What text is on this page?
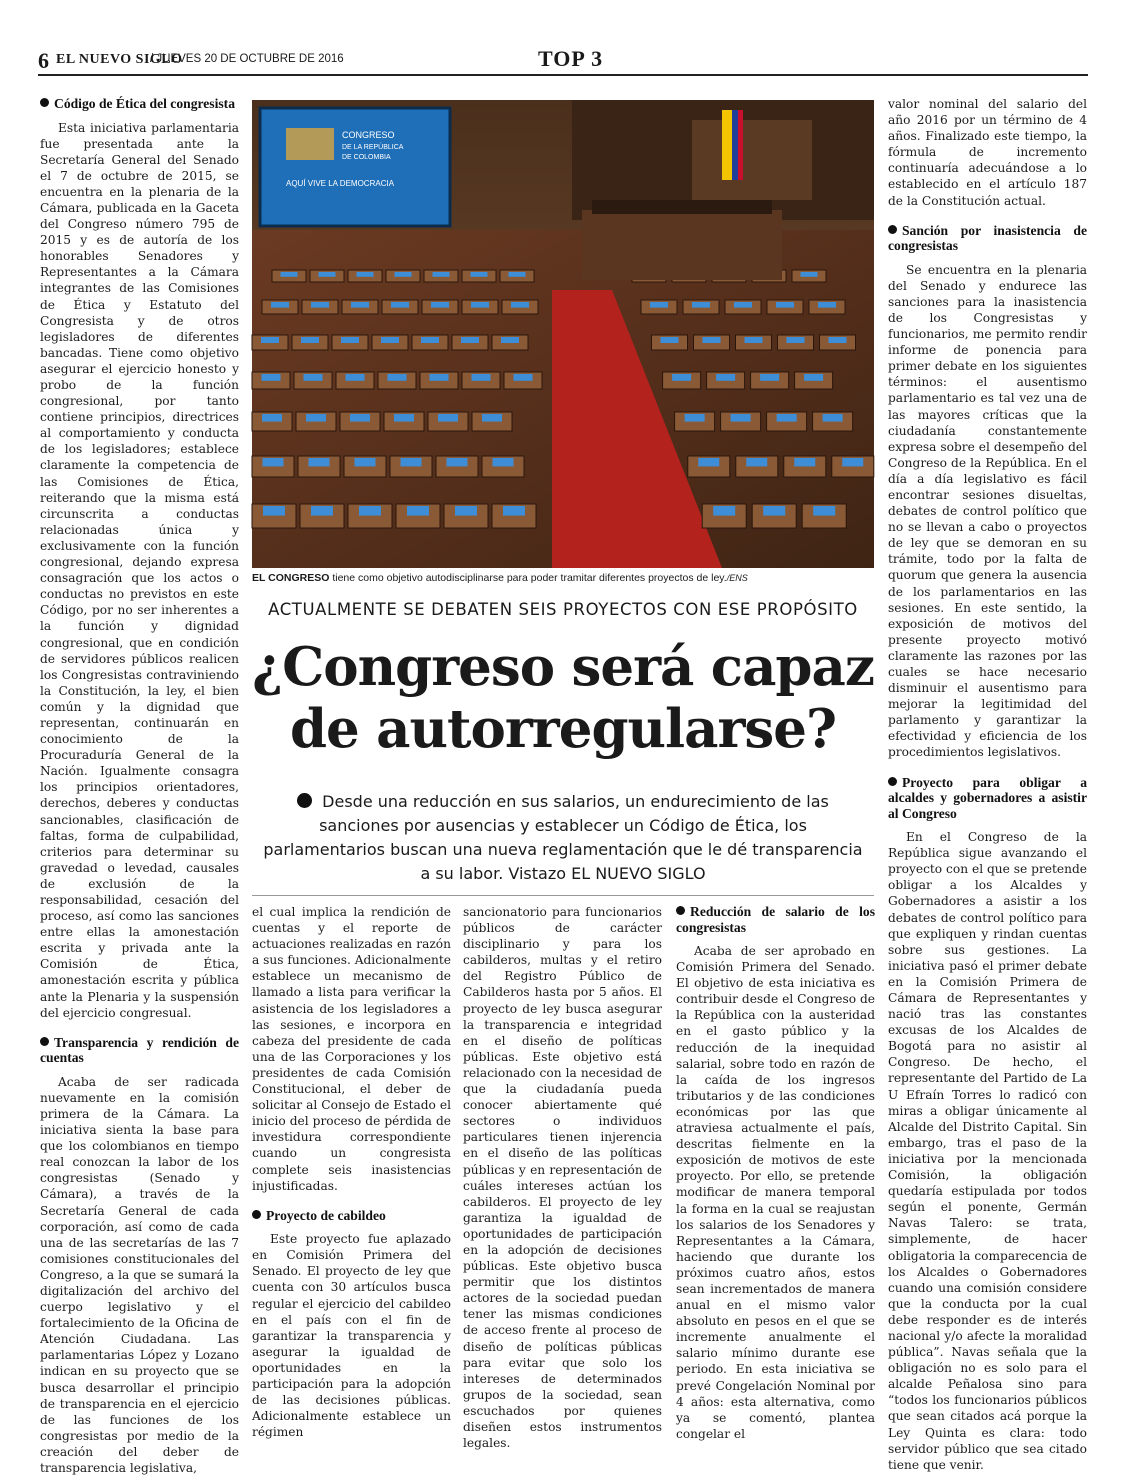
6 EL NUEVO SIGLO
/ JUEVES 20 DE OCTUBRE DE 2016	TOP 3
Código de Ética del congresista

Esta iniciativa parlamentaria fue presentada ante la Secretaría General del Senado el 7 de octubre de 2015, se encuentra en la plenaria de la Cámara, publicada en la Gaceta del Congreso número 795 de 2015 y es de autoría de los honorables Senadores y Representantes a la Cámara integrantes de las Comisiones de Ética y Estatuto del Congresista y de otros legisladores de diferentes bancadas. Tiene como objetivo asegurar el ejercicio honesto y probo de la función congresional, por tanto contiene principios, directrices al comportamiento y conducta de los legisladores; establece claramente la competencia de las Comisiones de Ética, reiterando que la misma está circunscrita a conductas relacionadas única y exclusivamente con la función congresional, dejando expresa consagración que los actos o conductas no previstos en este Código, por no ser inherentes a la función y dignidad congresional, que en condición de servidores públicos realicen los Congresistas contraviniendo la Constitución, la ley, el bien común y la dignidad que representan, continuarán en conocimiento de la Procuraduría General de la Nación. Igualmente consagra los principios orientadores, derechos, deberes y conductas sancionables, clasificación de faltas, forma de culpabilidad, criterios para determinar su gravedad o levedad, causales de exclusión de la responsabilidad, cesación del proceso, así como las sanciones entre ellas la amonestación escrita y privada ante la Comisión de Ética, amonestación escrita y pública ante la Plenaria y la suspensión del ejercicio congresual.

Transparencia y rendición de cuentas

Acaba de ser radicada nuevamente en la comisión primera de la Cámara. La iniciativa sienta la base para que los colombianos en tiempo real conozcan la labor de los congresistas (Senado y Cámara), a través de la Secretaría General de cada corporación, así como de cada una de las secretarías de las 7 comisiones constitucionales del Congreso, a la que se sumará la digitalización del archivo del cuerpo legislativo y el fortalecimiento de la Oficina de Atención Ciudadana. Las parlamentarias López y Lozano indican en su proyecto que se busca desarrollar el principio de transparencia en el ejercicio de las funciones de los congresistas por medio de la creación del deber de transparencia legislativa,

CONGRESO
DE LA REPÚBLICA
DE COLOMBIA
AQUÍ VIVE LA DEMOCRACIA
EL CONGRESO tiene como objetivo autodisciplinarse para poder tramitar diferentes proyectos de ley./ENS
ACTUALMENTE SE DEBATEN SEIS PROYECTOS CON ESE PROPÓSITO
¿Congreso será capaz
de autorregularse?
Desde una reducción en sus salarios, un endurecimiento de las sanciones por ausencias y establecer un Código de Ética, los parlamentarios buscan una nueva reglamentación que le dé transparencia a su labor. Vistazo EL NUEVO SIGLO

el cual implica la rendición de cuentas y el reporte de actuaciones realizadas en razón a sus funciones. Adicionalmente establece un mecanismo de llamado a lista para verificar la asistencia de los legisladores a las sesiones, e incorpora en cabeza del presidente de cada una de las Corporaciones y los presidentes de cada Comisión Constitucional, el deber de solicitar al Consejo de Estado el inicio del proceso de pérdida de investidura correspondiente cuando un congresista complete seis inasistencias injustificadas.

Proyecto de cabildeo

Este proyecto fue aplazado en Comisión Primera del Senado. El proyecto de ley que cuenta con 30 artículos busca regular el ejercicio del cabildeo en el país con el fin de garantizar la transparencia y asegurar la igualdad de oportunidades en la participación para la adopción de las decisiones públicas. Adicionalmente establece un régimen

sancionatorio para funcionarios públicos de carácter disciplinario y para los cabilderos, multas y el retiro del Registro Público de Cabilderos hasta por 5 años. El proyecto de ley busca asegurar la transparencia e integridad en el diseño de políticas públicas. Este objetivo está relacionado con la necesidad de que la ciudadanía pueda conocer abiertamente qué sectores o individuos particulares tienen injerencia en el diseño de las políticas públicas y en representación de cuáles intereses actúan los cabilderos. El proyecto de ley garantiza la igualdad de oportunidades de participación en la adopción de decisiones públicas. Este objetivo busca permitir que los distintos actores de la sociedad puedan tener las mismas condiciones de acceso frente al proceso de diseño de políticas públicas para evitar que solo los intereses de determinados grupos de la sociedad, sean escuchados por quienes diseñen estos instrumentos legales.

Reducción de salario de los congresistas

Acaba de ser aprobado en Comisión Primera del Senado. El objetivo de esta iniciativa es contribuir desde el Congreso de la República con la austeridad en el gasto público y la reducción de la inequidad salarial, sobre todo en razón de la caída de los ingresos tributarios y de las condiciones económicas por las que atraviesa actualmente el país, descritas fielmente en la exposición de motivos de este proyecto. Por ello, se pretende modificar de manera temporal la forma en la cual se reajustan los salarios de los Senadores y Representantes a la Cámara, haciendo que durante los próximos cuatro años, estos sean incrementados de manera anual en el mismo valor absoluto en pesos en el que se incremente anualmente el salario mínimo durante ese periodo. En esta iniciativa se prevé Congelación Nominal por 4 años: esta alternativa, como ya se comentó, plantea congelar el

valor nominal del salario del año 2016 por un término de 4 años. Finalizado este tiempo, la fórmula de incremento continuaría adecuándose a lo establecido en el artículo 187 de la Constitución actual.

Sanción por inasistencia de congresistas

Se encuentra en la plenaria del Senado y endurece las sanciones para la inasistencia de los Congresistas y funcionarios, me permito rendir informe de ponencia para primer debate en los siguientes términos: el ausentismo parlamentario es tal vez una de las mayores críticas que la ciudadanía constantemente expresa sobre el desempeño del Congreso de la República. En el día a día legislativo es fácil encontrar sesiones disueltas, debates de control político que no se llevan a cabo o proyectos de ley que se demoran en su trámite, todo por la falta de quorum que genera la ausencia de los parlamentarios en las sesiones. En este sentido, la exposición de motivos del presente proyecto motivó claramente las razones por las cuales se hace necesario disminuir el ausentismo para mejorar la legitimidad del parlamento y garantizar la efectividad y eficiencia de los procedimientos legislativos.

Proyecto para obligar a alcaldes y gobernadores a asistir al Congreso

En el Congreso de la República sigue avanzando el proyecto con el que se pretende obligar a los Alcaldes y Gobernadores a asistir a los debates de control político para que expliquen y rindan cuentas sobre sus gestiones. La iniciativa pasó el primer debate en la Comisión Primera de Cámara de Representantes y nació tras las constantes excusas de los Alcaldes de Bogotá para no asistir al Congreso. De hecho, el representante del Partido de La U Efraín Torres lo radicó con miras a obligar únicamente al Alcalde del Distrito Capital. Sin embargo, tras el paso de la iniciativa por la mencionada Comisión, la obligación quedaría estipulada por todos según el ponente, Germán Navas Talero: se trata, simplemente, de hacer obligatoria la comparecencia de los Alcaldes o Gobernadores cuando una comisión considere que la conducta por la cual debe responder es de interés nacional y/o afecte la moralidad pública”. Navas señala que la obligación no es solo para el alcalde Peñalosa sino para “todos los funcionarios públicos que sean citados acá porque la Ley Quinta es clara: todo servidor público que sea citado tiene que venir.
